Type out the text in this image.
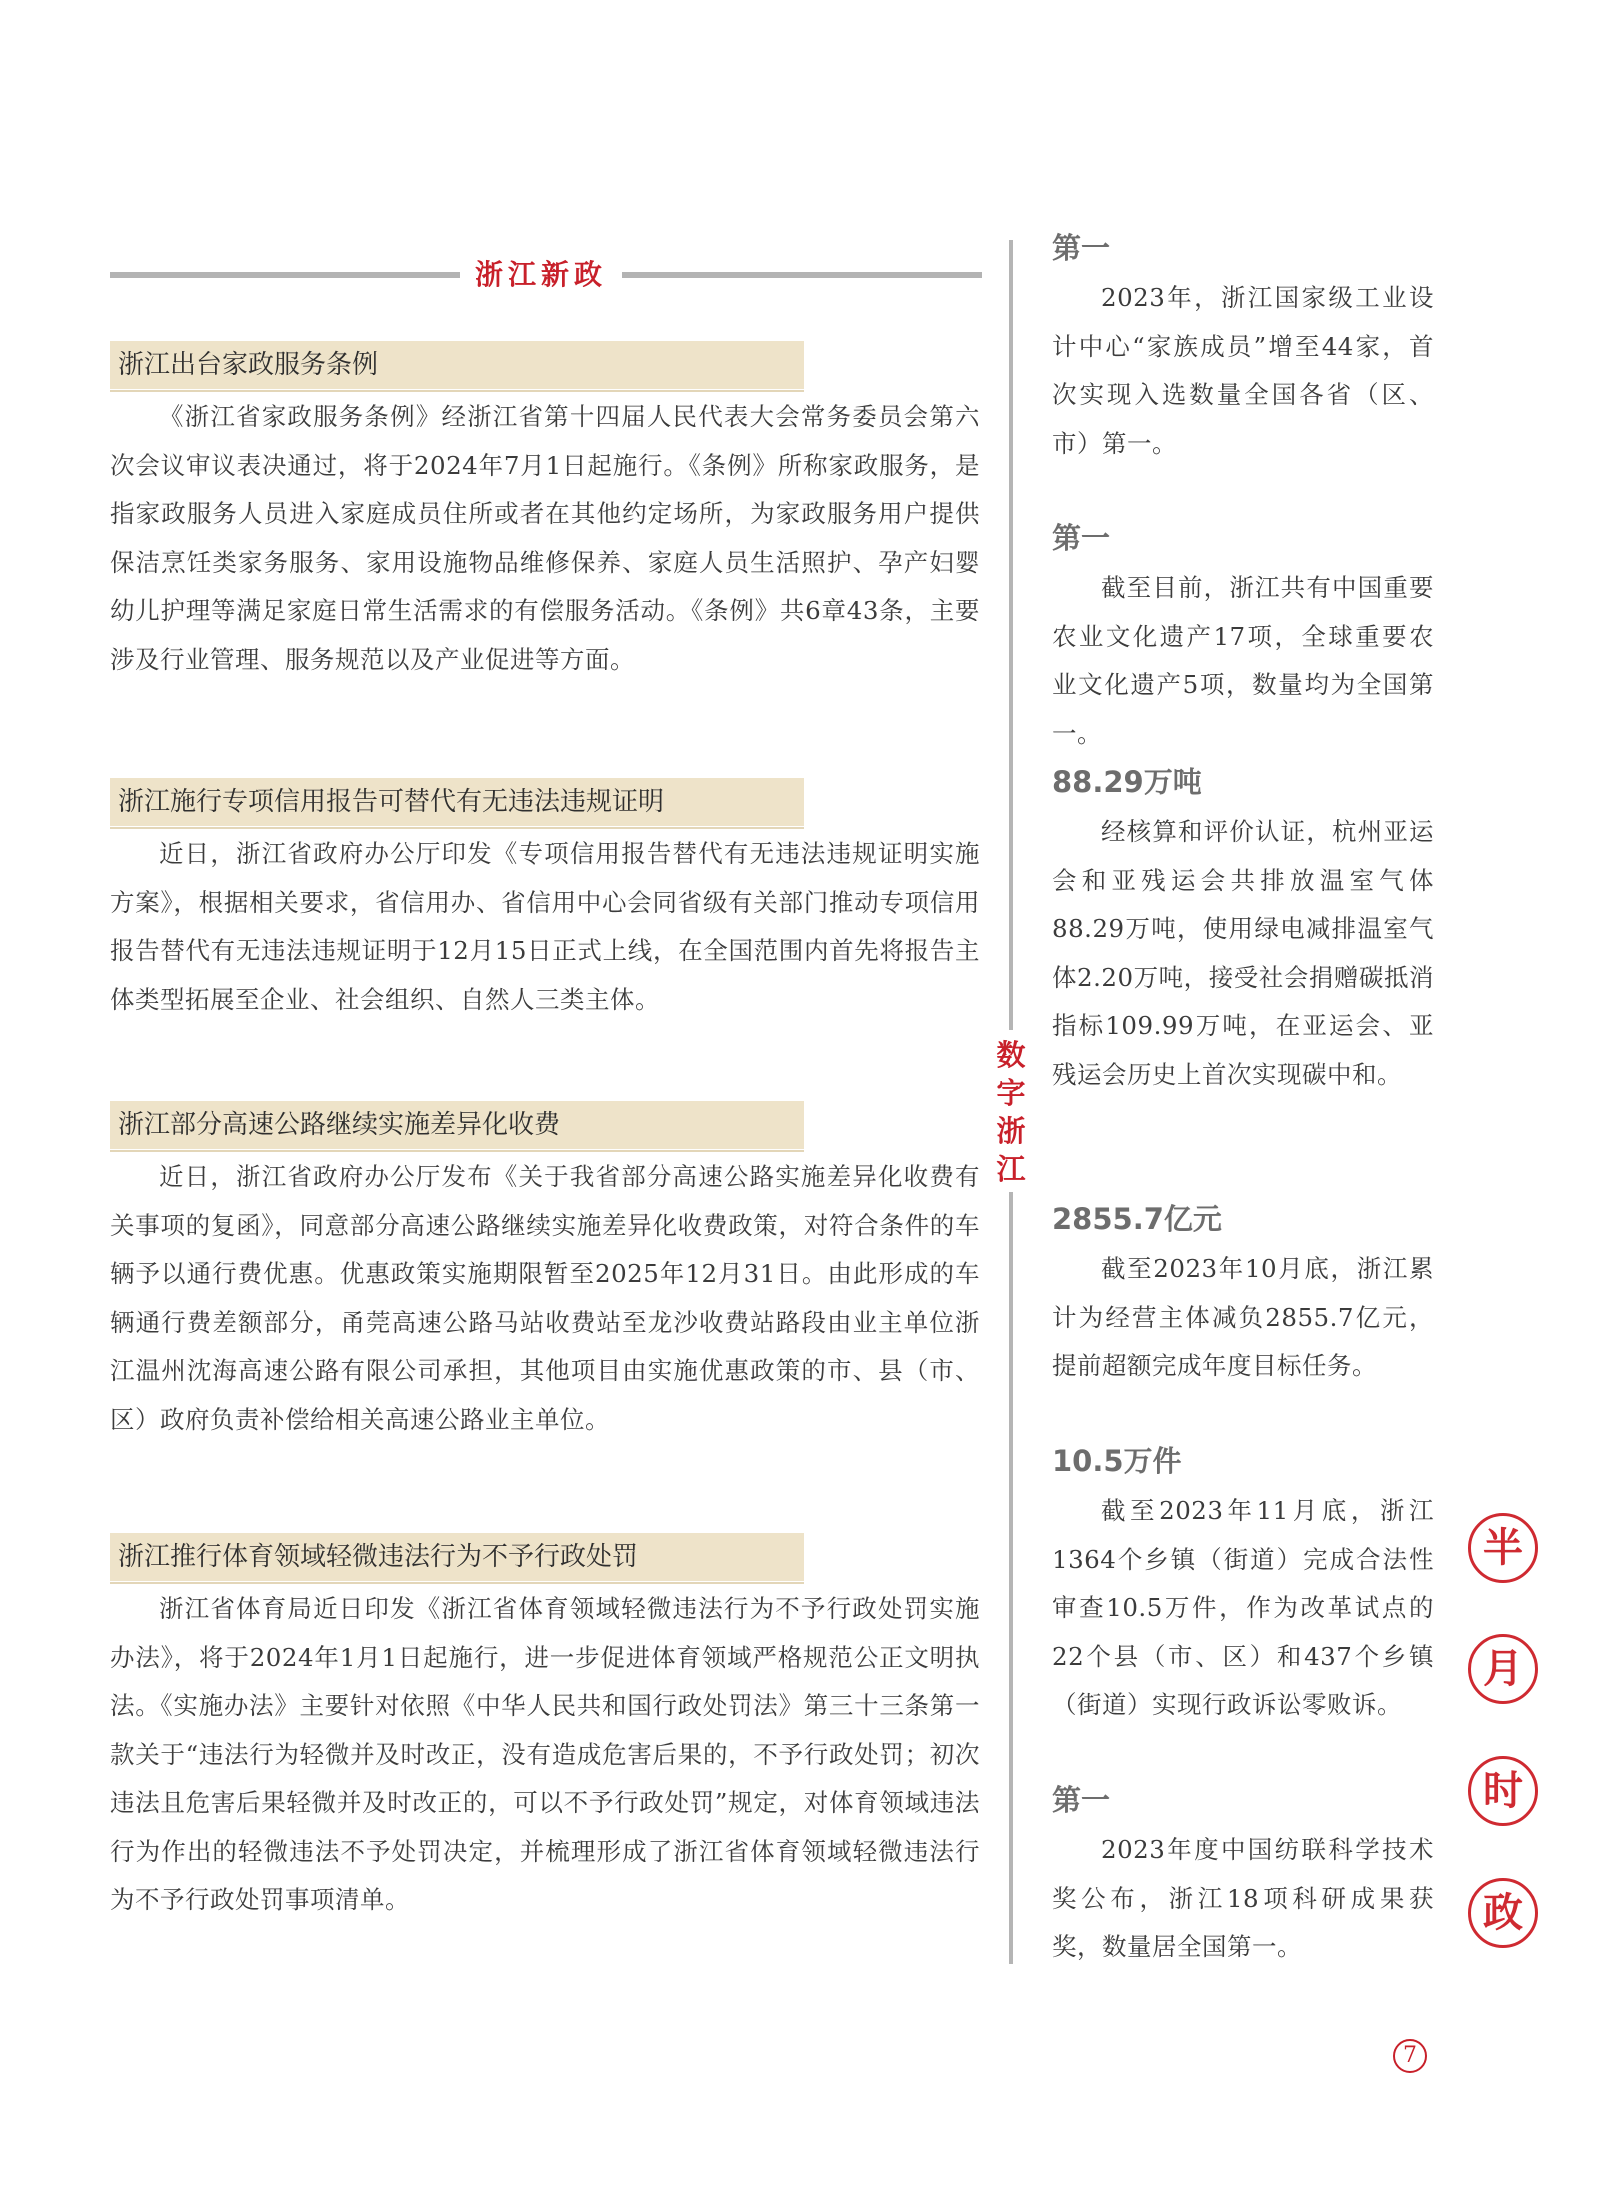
浙江新政
浙江出台家政服务条例

《浙江省家政服务条例》经浙江省第十四届人民代表大会常务委员会第六次会议审议表决通过，将于2024年7月1日起施行。《条例》所称家政服务，是指家政服务人员进入家庭成员住所或者在其他约定场所，为家政服务用户提供保洁烹饪类家务服务、家用设施物品维修保养、家庭人员生活照护、孕产妇婴幼儿护理等满足家庭日常生活需求的有偿服务活动。《条例》共6章43条，主要涉及行业管理、服务规范以及产业促进等方面。

浙江施行专项信用报告可替代有无违法违规证明

近日，浙江省政府办公厅印发《专项信用报告替代有无违法违规证明实施方案》，根据相关要求，省信用办、省信用中心会同省级有关部门推动专项信用报告替代有无违法违规证明于12月15日正式上线，在全国范围内首先将报告主体类型拓展至企业、社会组织、自然人三类主体。

浙江部分高速公路继续实施差异化收费

近日，浙江省政府办公厅发布《关于我省部分高速公路实施差异化收费有关事项的复函》，同意部分高速公路继续实施差异化收费政策，对符合条件的车辆予以通行费优惠。优惠政策实施期限暂至2025年12月31日。由此形成的车辆通行费差额部分，甬莞高速公路马站收费站至龙沙收费站路段由业主单位浙江温州沈海高速公路有限公司承担，其他项目由实施优惠政策的市、县（市、区）政府负责补偿给相关高速公路业主单位。

浙江推行体育领域轻微违法行为不予行政处罚

浙江省体育局近日印发《浙江省体育领域轻微违法行为不予行政处罚实施办法》，将于2024年1月1日起施行，进一步促进体育领域严格规范公正文明执法。《实施办法》主要针对依照《中华人民共和国行政处罚法》第三十三条第一款关于“违法行为轻微并及时改正，没有造成危害后果的，不予行政处罚；初次违法且危害后果轻微并及时改正的，可以不予行政处罚”规定，对体育领域违法行为作出的轻微违法不予处罚决定，并梳理形成了浙江省体育领域轻微违法行为不予行政处罚事项清单。

数
字
浙
江
第一

2023年，浙江国家级工业设计中心“家族成员”增至44家，首次实现入选数量全国各省（区、市）第一。

第一

截至目前，浙江共有中国重要农业文化遗产17项，全球重要农业文化遗产5项，数量均为全国第一。

88.29万吨

经核算和评价认证，杭州亚运会和亚残运会共排放温室气体88.29万吨，使用绿电减排温室气体2.20万吨，接受社会捐赠碳抵消指标109.99万吨，在亚运会、亚残运会历史上首次实现碳中和。

2855.7亿元

截至2023年10月底，浙江累计为经营主体减负2855.7亿元，提前超额完成年度目标任务。

10.5万件

截至2023年11月底，浙江1364个乡镇（街道）完成合法性审查10.5万件，作为改革试点的22个县（市、区）和437个乡镇（街道）实现行政诉讼零败诉。

第一

2023年度中国纺联科学技术奖公布，浙江18项科研成果获奖，数量居全国第一。

半
月
时
政
7
